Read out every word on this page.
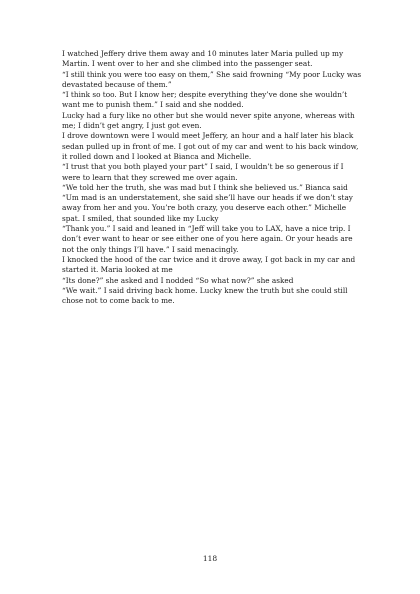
I watched Jeffery drive them away and 10 minutes later Maria pulled up my Martin. I went over to her and she climbed into the passenger seat.

“I still think you were too easy on them,” She said frowning “My poor Lucky was devastated because of them.”

“I think so too. But I know her; despite everything they’ve done she wouldn’t want me to punish them.” I said and she nodded.

Lucky had a fury like no other but she would never spite anyone, whereas with me; I didn’t get angry, I just got even.

I drove downtown were I would meet Jeffery, an hour and a half later his black sedan pulled up in front of me. I got out of my car and went to his back window, it rolled down and I looked at Bianca and Michelle.

“I trust that you both played your part” I said, I wouldn’t be so generous if I were to learn that they screwed me over again.

“We told her the truth, she was mad but I think she believed us.” Bianca said

“Um mad is an understatement, she said she’ll have our heads if we don’t stay away from her and you. You’re both crazy, you deserve each other.” Michelle spat. I smiled, that sounded like my Lucky

“Thank you.” I said and leaned in “Jeff will take you to LAX, have a nice trip. I don’t ever want to hear or see either one of you here again. Or your heads are not the only things I’ll have.” I said menacingly.

I knocked the hood of the car twice and it drove away, I got back in my car and started it. Maria looked at me

“Its done?” she asked and I nodded “So what now?” she asked

“We wait.” I said driving back home. Lucky knew the truth but she could still chose not to come back to me.

118
